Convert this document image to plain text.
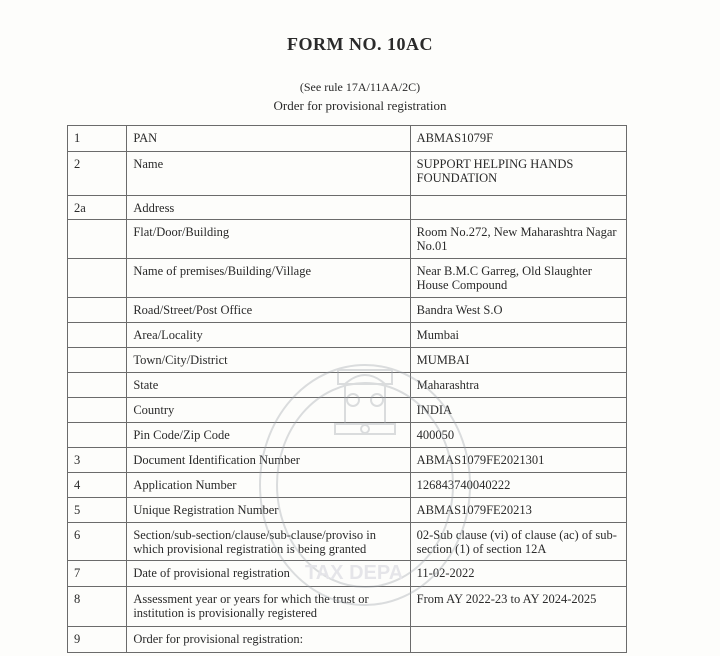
FORM NO. 10AC
(See rule 17A/11AA/2C)
Order for provisional registration
1	PAN	ABMAS1079F
2	Name	SUPPORT HELPING HANDS FOUNDATION
2a	Address	
	Flat/Door/Building	Room No.272, New Maharashtra Nagar No.01
	Name of premises/Building/Village	Near B.M.C Garreg, Old Slaughter House Compound
	Road/Street/Post Office	Bandra West S.O
	Area/Locality	Mumbai
	Town/City/District	MUMBAI
	State	Maharashtra
	Country	INDIA
	Pin Code/Zip Code	400050
3	Document Identification Number	ABMAS1079FE2021301
4	Application Number	126843740040222
5	Unique Registration Number	ABMAS1079FE20213
6	Section/sub-section/clause/sub-clause/proviso in which provisional registration is being granted	02-Sub clause (vi) of clause (ac) of sub-section (1) of section 12A
7	Date of provisional registration	11-02-2022
8	Assessment year or years for which the trust or institution is provisionally registered	From AY 2022-23 to AY 2024-2025
9	Order for provisional registration:	
TAX DEPA
